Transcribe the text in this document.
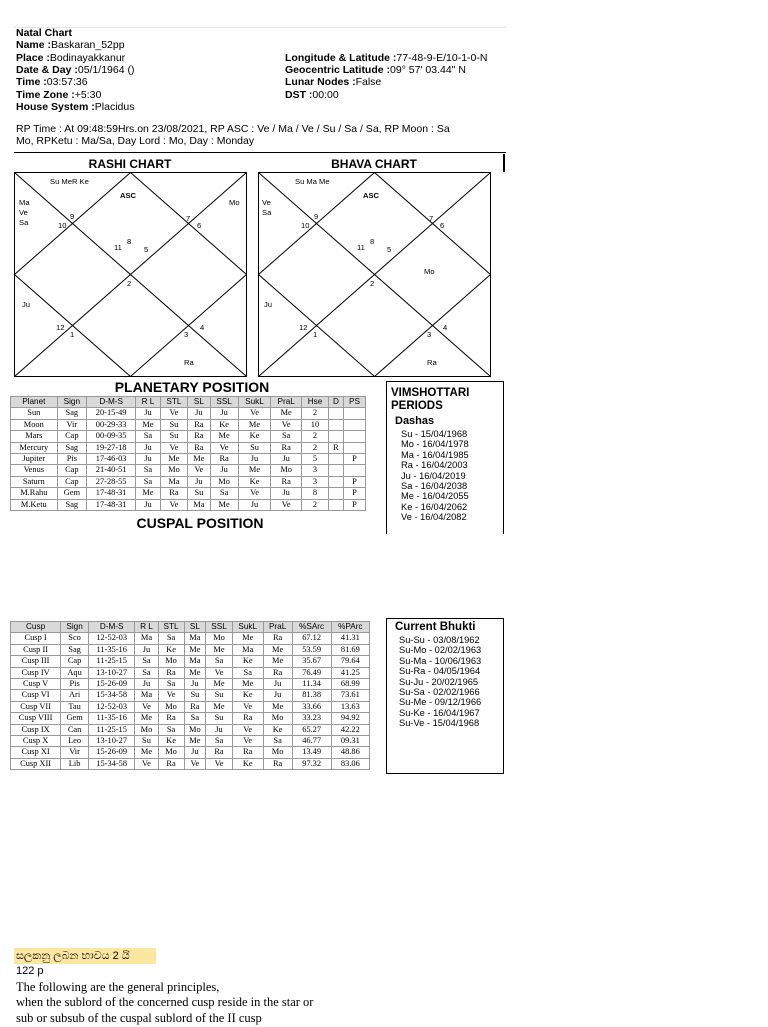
Natal Chart
Name :Baskaran_52pp
Place :Bodinayakkanur
Date & Day :05/1/1964 ()
Time :03:57:36
Time Zone :+5:30
House System :Placidus
Longitude & Latitude :77-48-9-E/10-1-0-N
Geocentric Latitude :09° 57' 03.44" N
Lunar Nodes :False
DST :00:00
RP Time : At 09:48:59Hrs.on 23/08/2021, RP ASC : Ve / Ma / Ve / Su / Sa / Sa, RP Moon : Sa
Mo, RPKetu : Ma/Sa, Day Lord : Mo, Day : Monday
RASHI CHART
Su MeR Ke
ASC
Ma
Ve
Sa
Mo
Ju
Ra
9
10
7
6
8
11	5
2
12
1	3
4
BHAVA CHART
Su Ma Me
ASC
Ve
Sa
Mo
Ju
Ra
9
10
7
6
8
11	5
2
12
1	3
4
PLANETARY POSITION
Planet	Sign	D-M-S	R L	STL	SL	SSL	SukL	PraL	Hse	D	PS
Sun	Sag	20-15-49	Ju	Ve	Ju	Ju	Ve	Me	2		
Moon	Vir	00-29-33	Me	Su	Ra	Ke	Me	Ve	10		
Mars	Cap	00-09-35	Sa	Su	Ra	Me	Ke	Sa	2		
Mercury	Sag	19-27-18	Ju	Ve	Ra	Ve	Su	Ra	2	R	
Jupiter	Pis	17-46-03	Ju	Me	Me	Ra	Ju	Ju	5		P
Venus	Cap	21-40-51	Sa	Mo	Ve	Ju	Me	Mo	3		
Saturn	Cap	27-28-55	Sa	Ma	Ju	Mo	Ke	Ra	3		P
M.Rahu	Gem	17-48-31	Me	Ra	Su	Sa	Ve	Ju	8		P
M.Ketu	Sag	17-48-31	Ju	Ve	Ma	Me	Ju	Ve	2		P
CUSPAL POSITION
VIMSHOTTARI
PERIODS
Dashas
Su - 15/04/1968
Mo - 16/04/1978
Ma - 16/04/1985
Ra - 16/04/2003
Ju - 16/04/2019
Sa - 16/04/2038
Me - 16/04/2055
Ke - 16/04/2062
Ve - 16/04/2082
Cusp	Sign	D-M-S	R L	STL	SL	SSL	SukL	PraL	%SArc	%PArc
Cusp I	Sco	12-52-03	Ma	Sa	Ma	Mo	Me	Ra	67.12	41.31
Cusp II	Sag	11-35-16	Ju	Ke	Me	Me	Ma	Me	53.59	81.69
Cusp III	Cap	11-25-15	Sa	Mo	Ma	Sa	Ke	Me	35.67	79.64
Cusp IV	Aqu	13-10-27	Sa	Ra	Me	Ve	Sa	Ra	76.49	41.25
Cusp V	Pis	15-26-09	Ju	Sa	Ju	Me	Me	Ju	11.34	68.99
Cusp VI	Ari	15-34-58	Ma	Ve	Su	Su	Ke	Ju	81.38	73.61
Cusp VII	Tau	12-52-03	Ve	Mo	Ra	Me	Ve	Me	33.66	13.63
Cusp VIII	Gem	11-35-16	Me	Ra	Sa	Su	Ra	Mo	33.23	94.92
Cusp IX	Can	11-25-15	Mo	Sa	Mo	Ju	Ve	Ke	65.27	42.22
Cusp X	Leo	13-10-27	Su	Ke	Me	Sa	Ve	Sa	46.77	09.31
Cusp XI	Vir	15-26-09	Me	Mo	Ju	Ra	Ra	Mo	13.49	48.86
Cusp XII	Lib	15-34-58	Ve	Ra	Ve	Ve	Ke	Ra	97.32	83.06
Current Bhukti
Su-Su - 03/08/1962
Su-Mo - 02/02/1963
Su-Ma - 10/06/1963
Su-Ra - 04/05/1964
Su-Ju - 20/02/1965
Su-Sa - 02/02/1966
Su-Me - 09/12/1966
Su-Ke - 16/04/1967
Su-Ve - 15/04/1968
සලකනු ලබන භාවය 2 යි
122 p
The following are the general principles,
when the sublord of the concerned cusp reside in the star or
sub or subsub of the cuspal sublord of the II cusp
